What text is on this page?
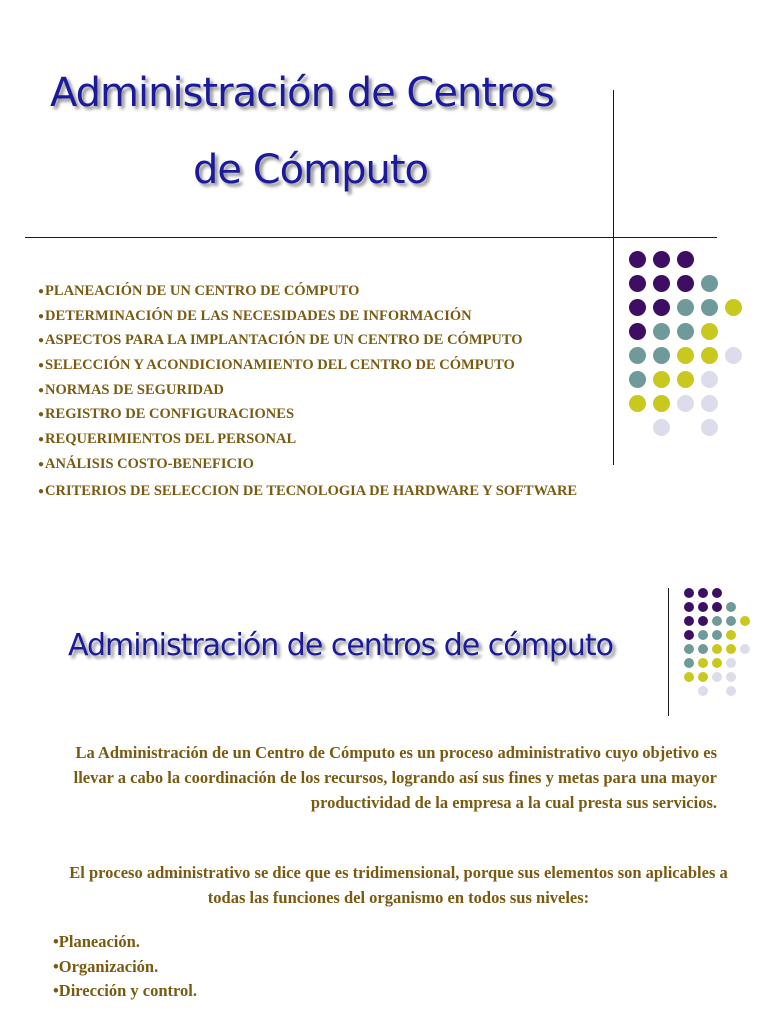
Administración de Centros
de Cómputo
●PLANEACIÓN DE UN CENTRO DE CÓMPUTO
●DETERMINACIÓN DE LAS NECESIDADES DE INFORMACIÓN
●ASPECTOS PARA LA IMPLANTACIÓN DE UN CENTRO DE CÓMPUTO
●SELECCIÓN Y ACONDICIONAMIENTO DEL CENTRO DE CÓMPUTO
●NORMAS DE SEGURIDAD
●REGISTRO DE CONFIGURACIONES
●REQUERIMIENTOS DEL PERSONAL
●ANÁLISIS COSTO-BENEFICIO
●CRITERIOS DE SELECCION DE TECNOLOGIA DE HARDWARE Y SOFTWARE
Administración de centros de cómputo
La Administración de un Centro de Cómputo es un proceso administrativo cuyo objetivo es llevar a cabo la coordinación de los recursos, logrando así sus fines y metas para una mayor productividad de la empresa a la cual presta sus servicios.
El proceso administrativo se dice que es tridimensional, porque sus elementos son aplicables a todas las funciones del organismo en todos sus niveles:
•Planeación.
•Organización.
•Dirección y control.
